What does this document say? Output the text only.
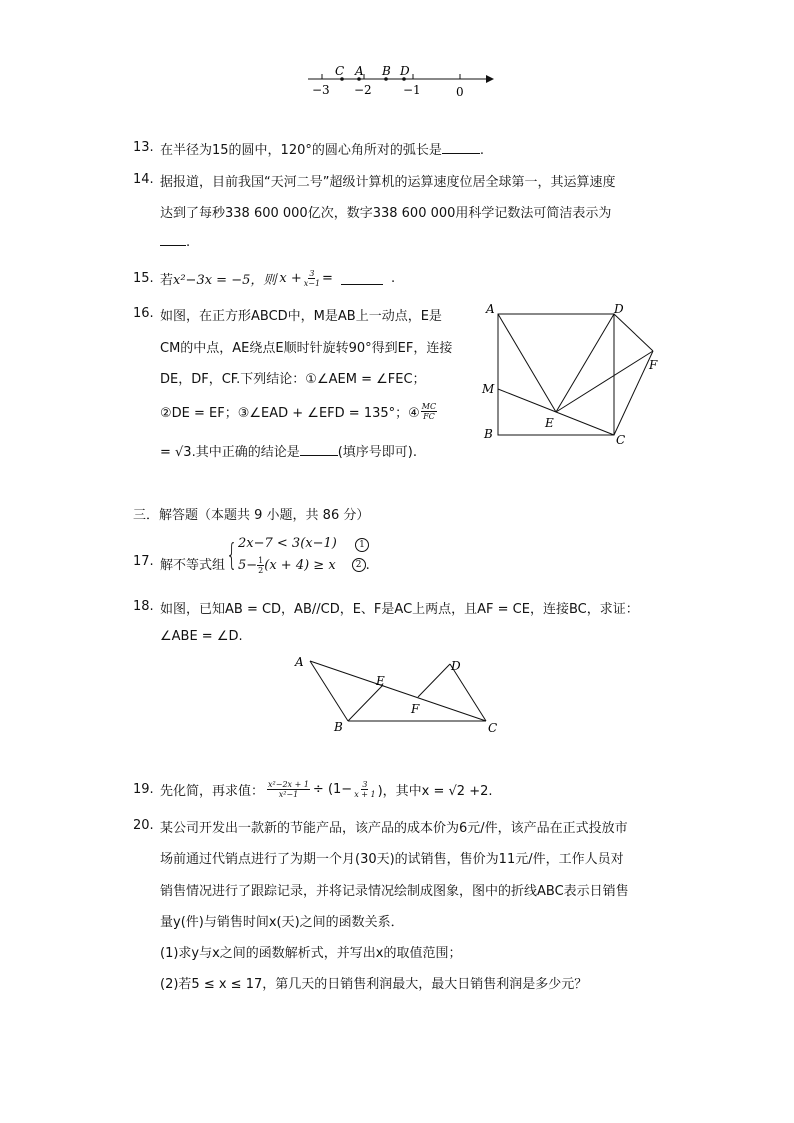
C A B D
−3 −2	−1	0
13. 在半径为15的圆中，120°的圆心角所对的弧长是	.
14. 据报道，目前我国“天河二号”超级计算机的运算速度位居全球第一，其运算速度
达到了每秒338 600 000亿次，数字338 600 000用科学记数法可简洁表示为
.
15. 若 x²−3x = −5，则 $x + \frac{3}{x-1}$ =	.
16. 如图，在正方形ABCD中，M是AB上一动点，E是
CM的中点，AE绕点E顺时针旋转90°得到EF，连接
DE，DF，CF.下列结论：①∠AEM = ∠FEC；
②DE = EF；③∠EAD + ∠EFD = 135°；④ $\frac{MC}{FC}$
= √3.其中正确的结论是	(填序号即可).
A	D
M
F
E
B	C
三．解答题（本题共 9 小题，共 86 分）
17. 解不等式组 { 2x−7 < 3(x−1) 1
$5- \frac{1}{2} (x + 4) \ge x$	2 .
18. 如图，已知AB = CD，AB//CD，E、F是AC上两点，且AF = CE，连接BC，求证：
∠ABE = ∠D.
A	D
E
F
B	C
19. 先化简，再求值： $\frac{\text{x²−2x + 1}}{\text{x²−1}} \div (1- \frac{3}{x + 1}$ )，其中x = √2 +2.
20. 某公司开发出一款新的节能产品，该产品的成本价为6元/件，该产品在正式投放市
场前通过代销点进行了为期一个月(30天)的试销售，售价为11元/件，工作人员对
销售情况进行了跟踪记录，并将记录情况绘制成图象，图中的折线ABC表示日销售
量y(件)与销售时间x(天)之间的函数关系．
(1)求y与x之间的函数解析式，并写出x的取值范围；
(2)若5 ≤ x ≤ 17，第几天的日销售利润最大，最大日销售利润是多少元？
